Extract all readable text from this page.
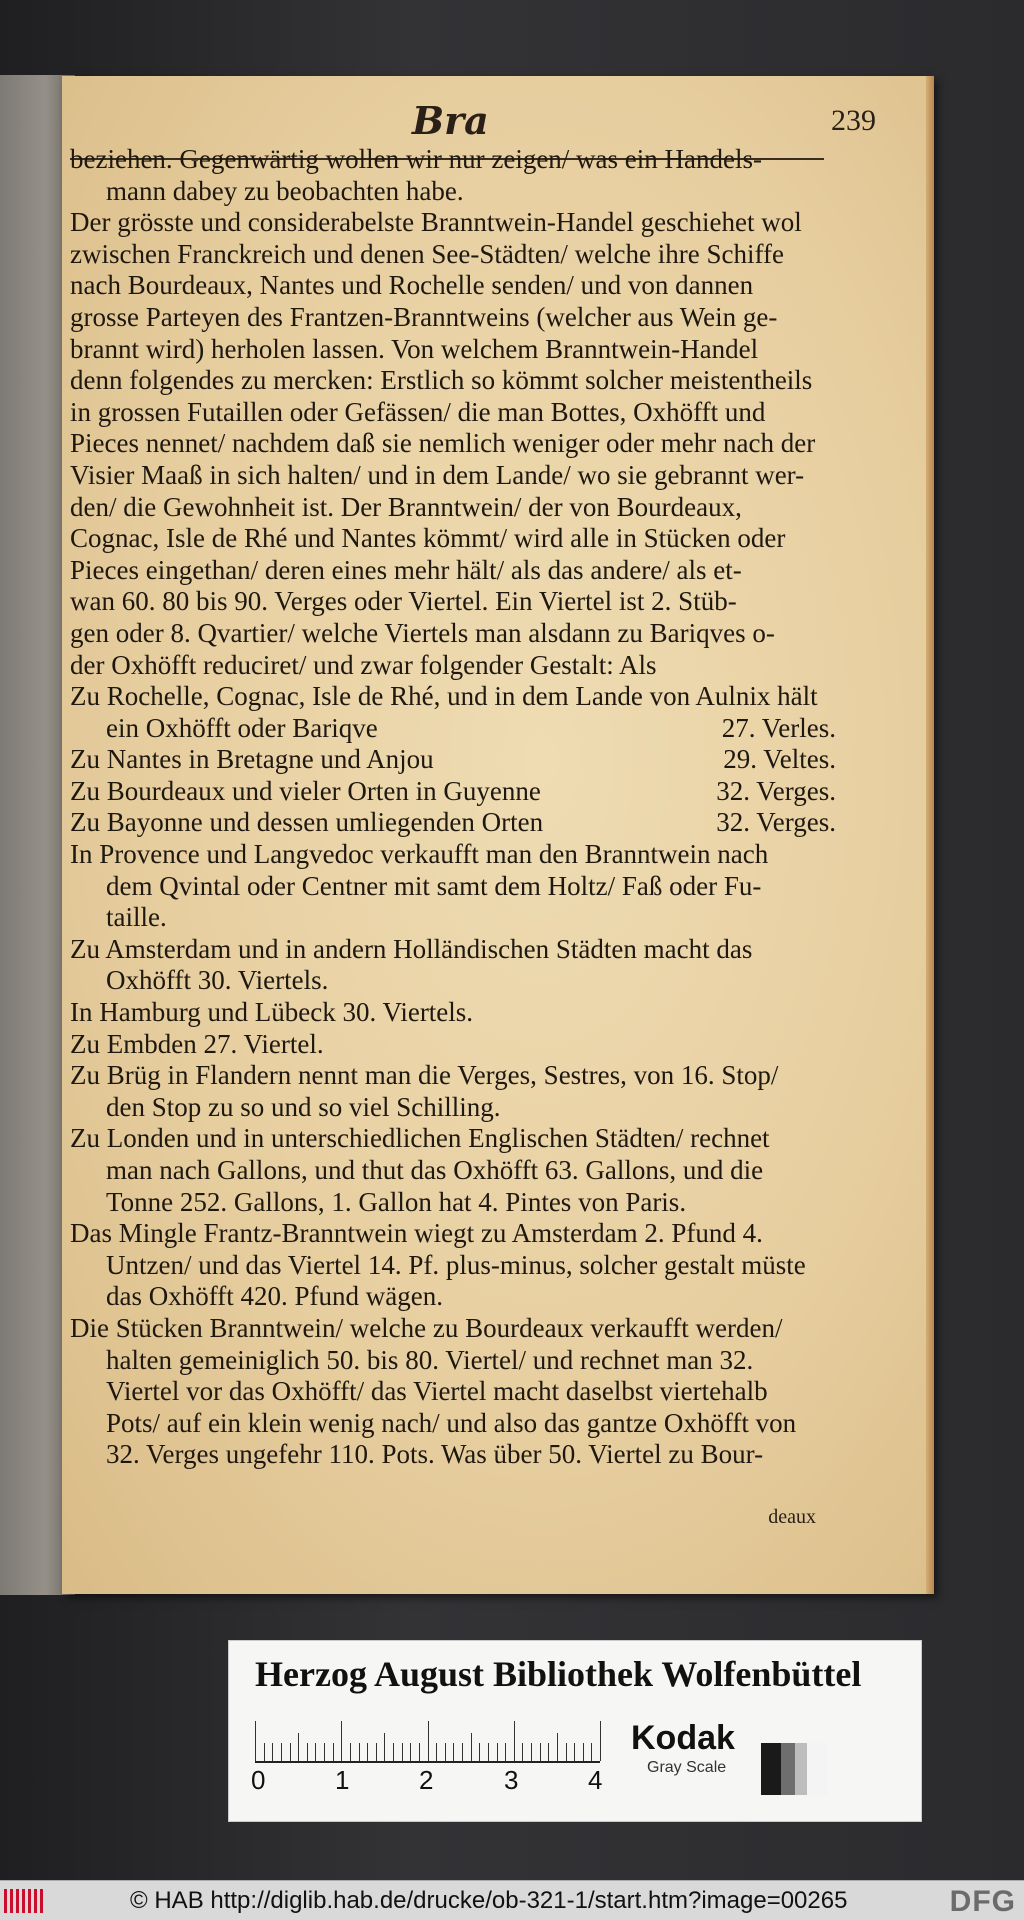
Bra	239
beziehen. Gegenwärtig wollen wir nur zeigen/ was ein Handels-
mann dabey zu beobachten habe.
Der grösste und considerabelste Branntwein-Handel geschiehet wol
zwischen Franckreich und denen See-Städten/ welche ihre Schiffe
nach Bourdeaux, Nantes und Rochelle senden/ und von dannen
grosse Parteyen des Frantzen-Branntweins (welcher aus Wein ge-
brannt wird) herholen lassen. Von welchem Branntwein-Handel
denn folgendes zu mercken: Erstlich so kömmt solcher meistentheils
in grossen Futaillen oder Gefässen/ die man Bottes, Oxhöfft und
Pieces nennet/ nachdem daß sie nemlich weniger oder mehr nach der
Visier Maaß in sich halten/ und in dem Lande/ wo sie gebrannt wer-
den/ die Gewohnheit ist. Der Branntwein/ der von Bourdeaux,
Cognac, Isle de Rhé und Nantes kömmt/ wird alle in Stücken oder
Pieces eingethan/ deren eines mehr hält/ als das andere/ als et-
wan 60. 80 bis 90. Verges oder Viertel. Ein Viertel ist 2. Stüb-
gen oder 8. Qvartier/ welche Viertels man alsdann zu Bariqves o-
der Oxhöfft reduciret/ und zwar folgender Gestalt: Als
Zu Rochelle, Cognac, Isle de Rhé, und in dem Lande von Aulnix hält
ein Oxhöfft oder Bariqve	27. Verles.
Zu Nantes in Bretagne und Anjou	29. Veltes.
Zu Bourdeaux und vieler Orten in Guyenne	32. Verges.
Zu Bayonne und dessen umliegenden Orten	32. Verges.
In Provence und Langvedoc verkaufft man den Branntwein nach
dem Qvintal oder Centner mit samt dem Holtz/ Faß oder Fu-
taille.
Zu Amsterdam und in andern Holländischen Städten macht das
Oxhöfft 30. Viertels.
In Hamburg und Lübeck 30. Viertels.
Zu Embden 27. Viertel.
Zu Brüg in Flandern nennt man die Verges, Sestres, von 16. Stop/
den Stop zu so und so viel Schilling.
Zu Londen und in unterschiedlichen Englischen Städten/ rechnet
man nach Gallons, und thut das Oxhöfft 63. Gallons, und die
Tonne 252. Gallons, 1. Gallon hat 4. Pintes von Paris.
Das Mingle Frantz-Branntwein wiegt zu Amsterdam 2. Pfund 4.
Untzen/ und das Viertel 14. Pf. plus-minus, solcher gestalt müste
das Oxhöfft 420. Pfund wägen.
Die Stücken Branntwein/ welche zu Bourdeaux verkaufft werden/
halten gemeiniglich 50. bis 80. Viertel/ und rechnet man 32.
Viertel vor das Oxhöfft/ das Viertel macht daselbst viertehalb
Pots/ auf ein klein wenig nach/ und also das gantze Oxhöfft von
32. Verges ungefehr 110. Pots. Was über 50. Viertel zu Bour-
deaux
Herzog August Bibliothek Wolfenbüttel
0	1	2	3	4
Kodak
Gray Scale
© HAB http://diglib.hab.de/drucke/ob-321-1/start.htm?image=00265	DFG
